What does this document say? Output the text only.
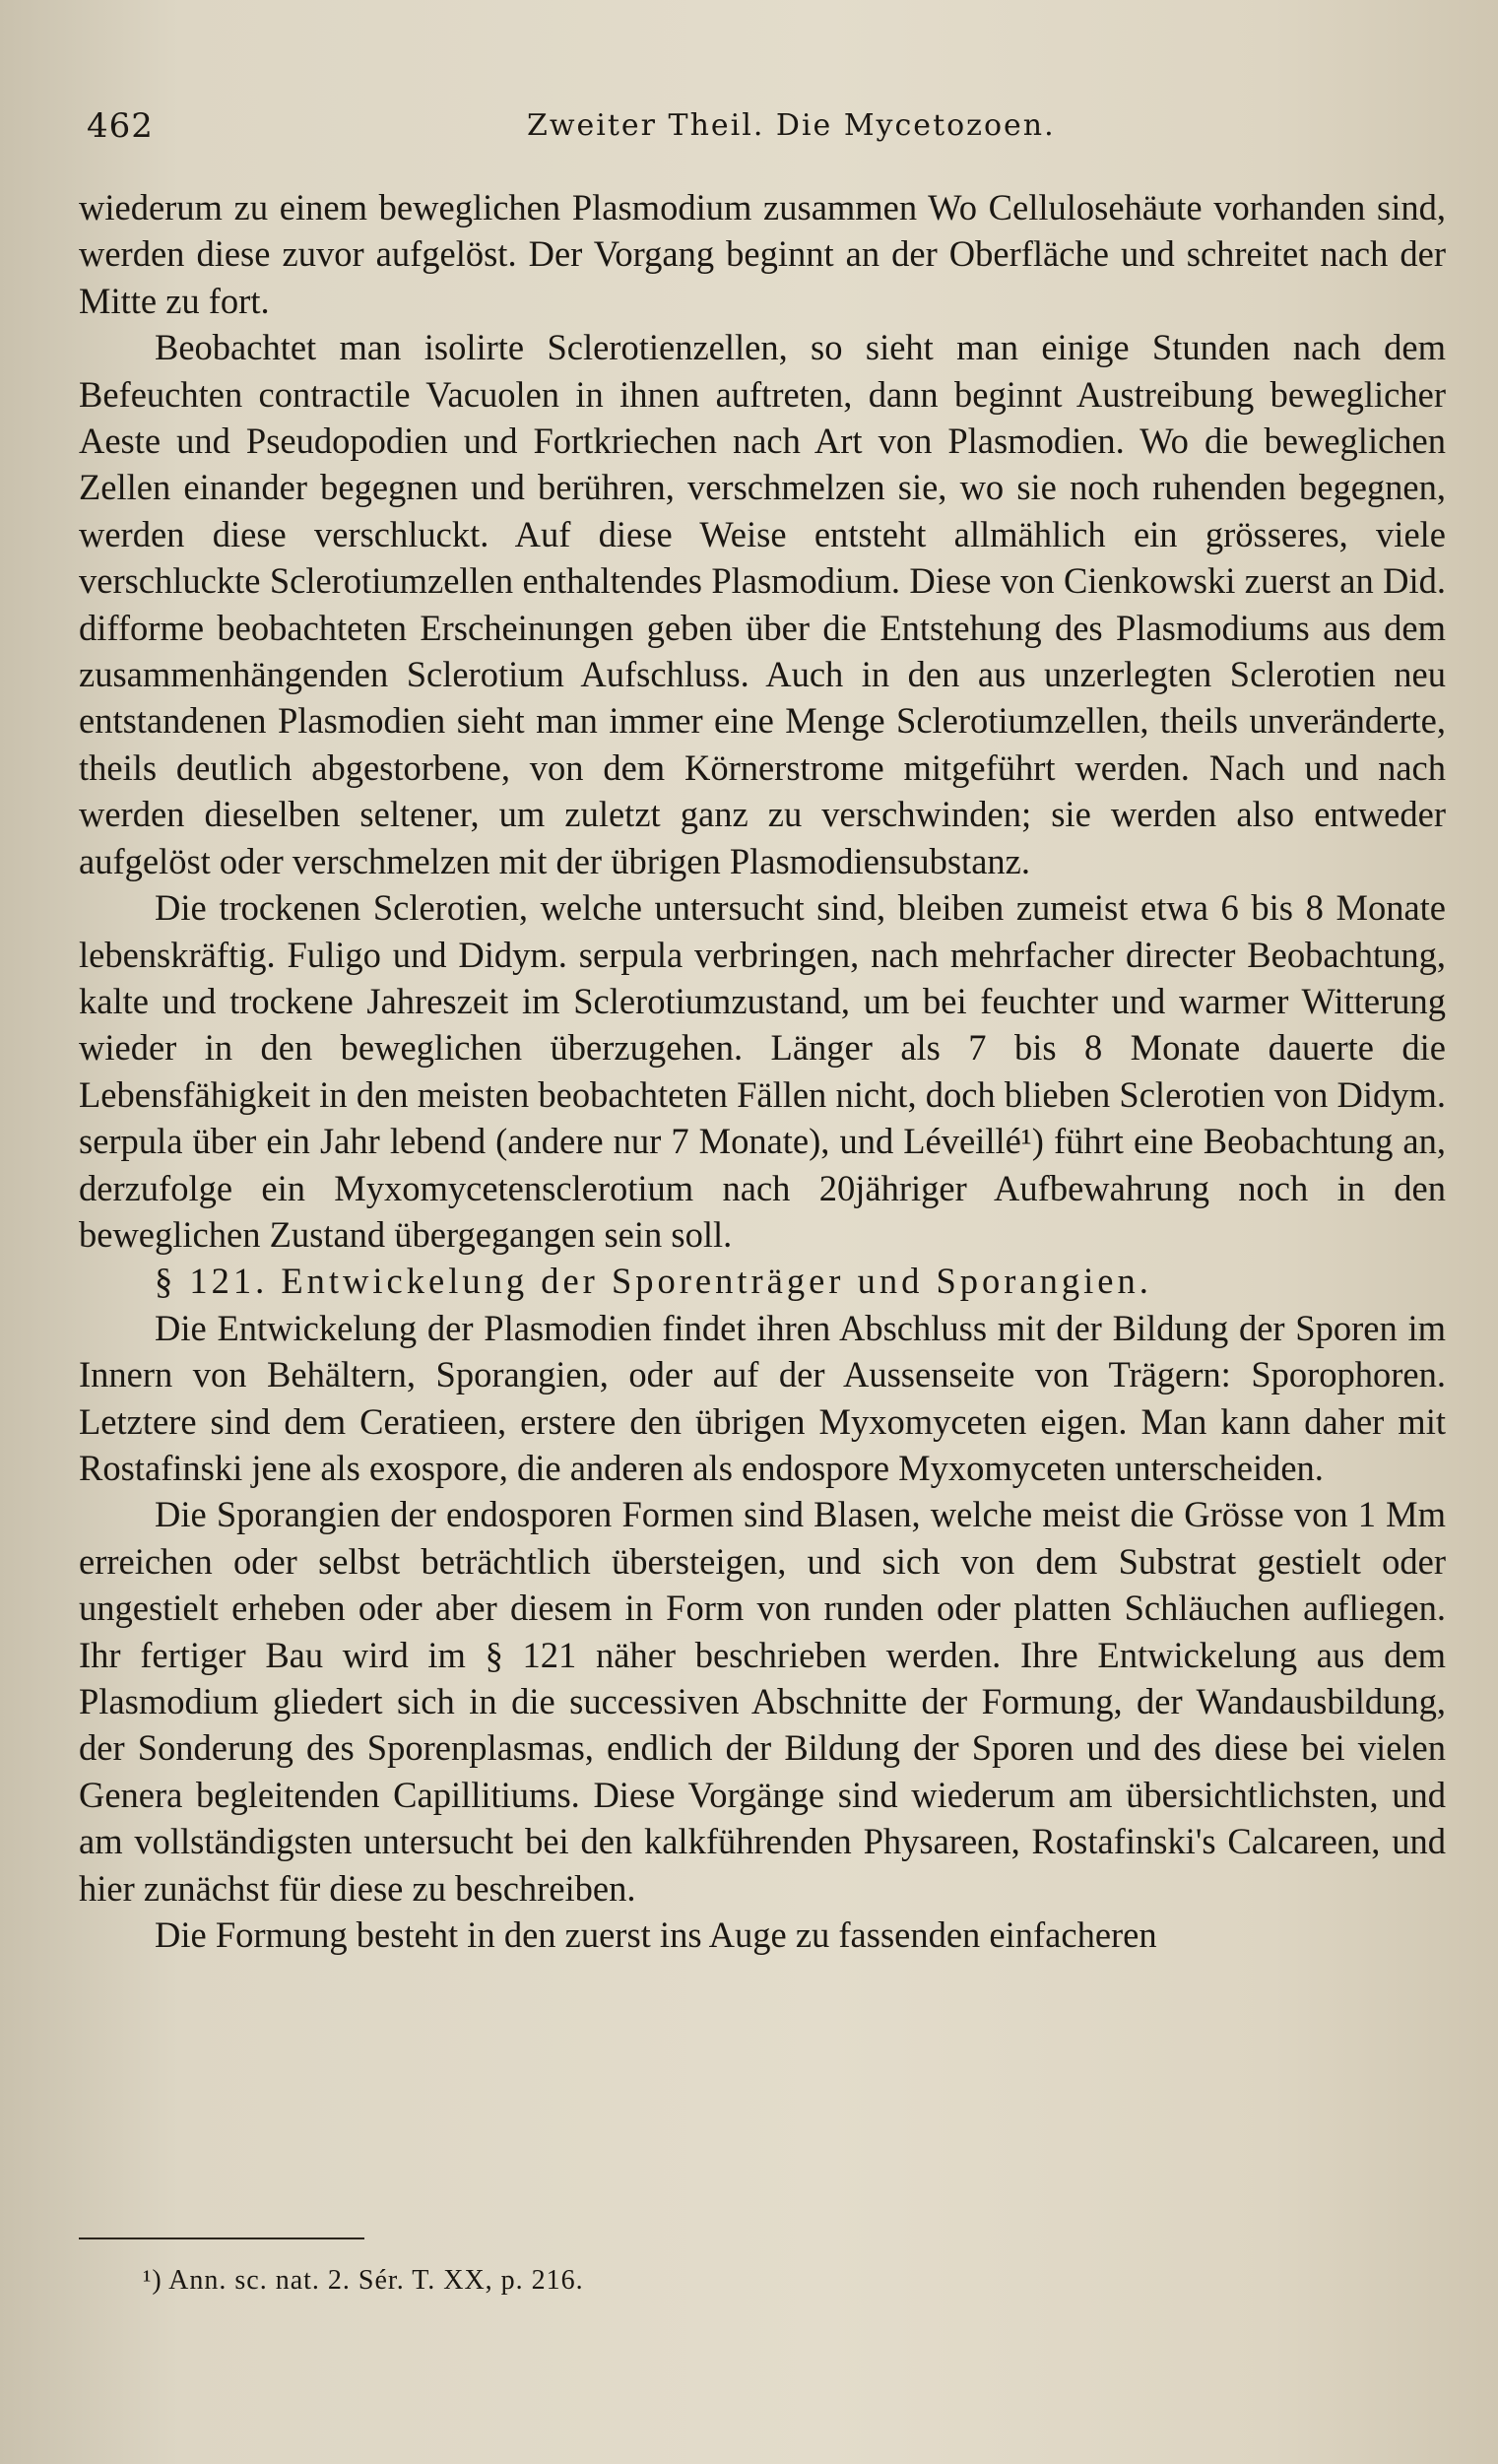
462	Zweiter Theil. Die Mycetozoen.

wiederum zu einem beweglichen Plasmodium zusammen Wo Cellulosehäute vorhanden sind, werden diese zuvor aufgelöst. Der Vorgang beginnt an der Oberfläche und schreitet nach der Mitte zu fort.

Beobachtet man isolirte Sclerotienzellen, so sieht man einige Stunden nach dem Befeuchten contractile Vacuolen in ihnen auftreten, dann beginnt Austreibung beweglicher Aeste und Pseudopodien und Fortkriechen nach Art von Plasmodien. Wo die beweglichen Zellen einander begegnen und berühren, verschmelzen sie, wo sie noch ruhenden begegnen, werden diese verschluckt. Auf diese Weise entsteht allmählich ein grösseres, viele verschluckte Sclerotiumzellen enthaltendes Plasmodium. Diese von Cienkowski zuerst an Did. difforme beobachteten Erscheinungen geben über die Entstehung des Plasmodiums aus dem zusammenhängenden Sclerotium Aufschluss. Auch in den aus unzerlegten Sclerotien neu entstandenen Plasmodien sieht man immer eine Menge Sclerotiumzellen, theils unveränderte, theils deutlich abgestorbene, von dem Körnerstrome mitgeführt werden. Nach und nach werden dieselben seltener, um zuletzt ganz zu verschwinden; sie werden also entweder aufgelöst oder verschmelzen mit der übrigen Plasmodiensubstanz.

Die trockenen Sclerotien, welche untersucht sind, bleiben zumeist etwa 6 bis 8 Monate lebenskräftig. Fuligo und Didym. serpula verbringen, nach mehrfacher directer Beobachtung, kalte und trockene Jahreszeit im Sclerotiumzustand, um bei feuchter und warmer Witterung wieder in den beweglichen überzugehen. Länger als 7 bis 8 Monate dauerte die Lebensfähigkeit in den meisten beobachteten Fällen nicht, doch blieben Sclerotien von Didym. serpula über ein Jahr lebend (andere nur 7 Monate), und Léveillé¹) führt eine Beobachtung an, derzufolge ein Myxomycetensclerotium nach 20jähriger Aufbewahrung noch in den beweglichen Zustand übergegangen sein soll.

§ 121. Entwickelung der Sporenträger und Sporangien.

Die Entwickelung der Plasmodien findet ihren Abschluss mit der Bildung der Sporen im Innern von Behältern, Sporangien, oder auf der Aussenseite von Trägern: Sporophoren. Letztere sind dem Ceratieen, erstere den übrigen Myxomyceten eigen. Man kann daher mit Rostafinski jene als exospore, die anderen als endospore Myxomyceten unterscheiden.

Die Sporangien der endosporen Formen sind Blasen, welche meist die Grösse von 1 Mm erreichen oder selbst beträchtlich übersteigen, und sich von dem Substrat gestielt oder ungestielt erheben oder aber diesem in Form von runden oder platten Schläuchen aufliegen. Ihr fertiger Bau wird im § 121 näher beschrieben werden. Ihre Entwickelung aus dem Plasmodium gliedert sich in die successiven Abschnitte der Formung, der Wandausbildung, der Sonderung des Sporenplasmas, endlich der Bildung der Sporen und des diese bei vielen Genera begleitenden Capillitiums. Diese Vorgänge sind wiederum am übersichtlichsten, und am vollständigsten untersucht bei den kalkführenden Physareen, Rostafinski's Calcareen, und hier zunächst für diese zu beschreiben.

Die Formung besteht in den zuerst ins Auge zu fassenden einfacheren

¹) Ann. sc. nat. 2. Sér. T. XX, p. 216.
